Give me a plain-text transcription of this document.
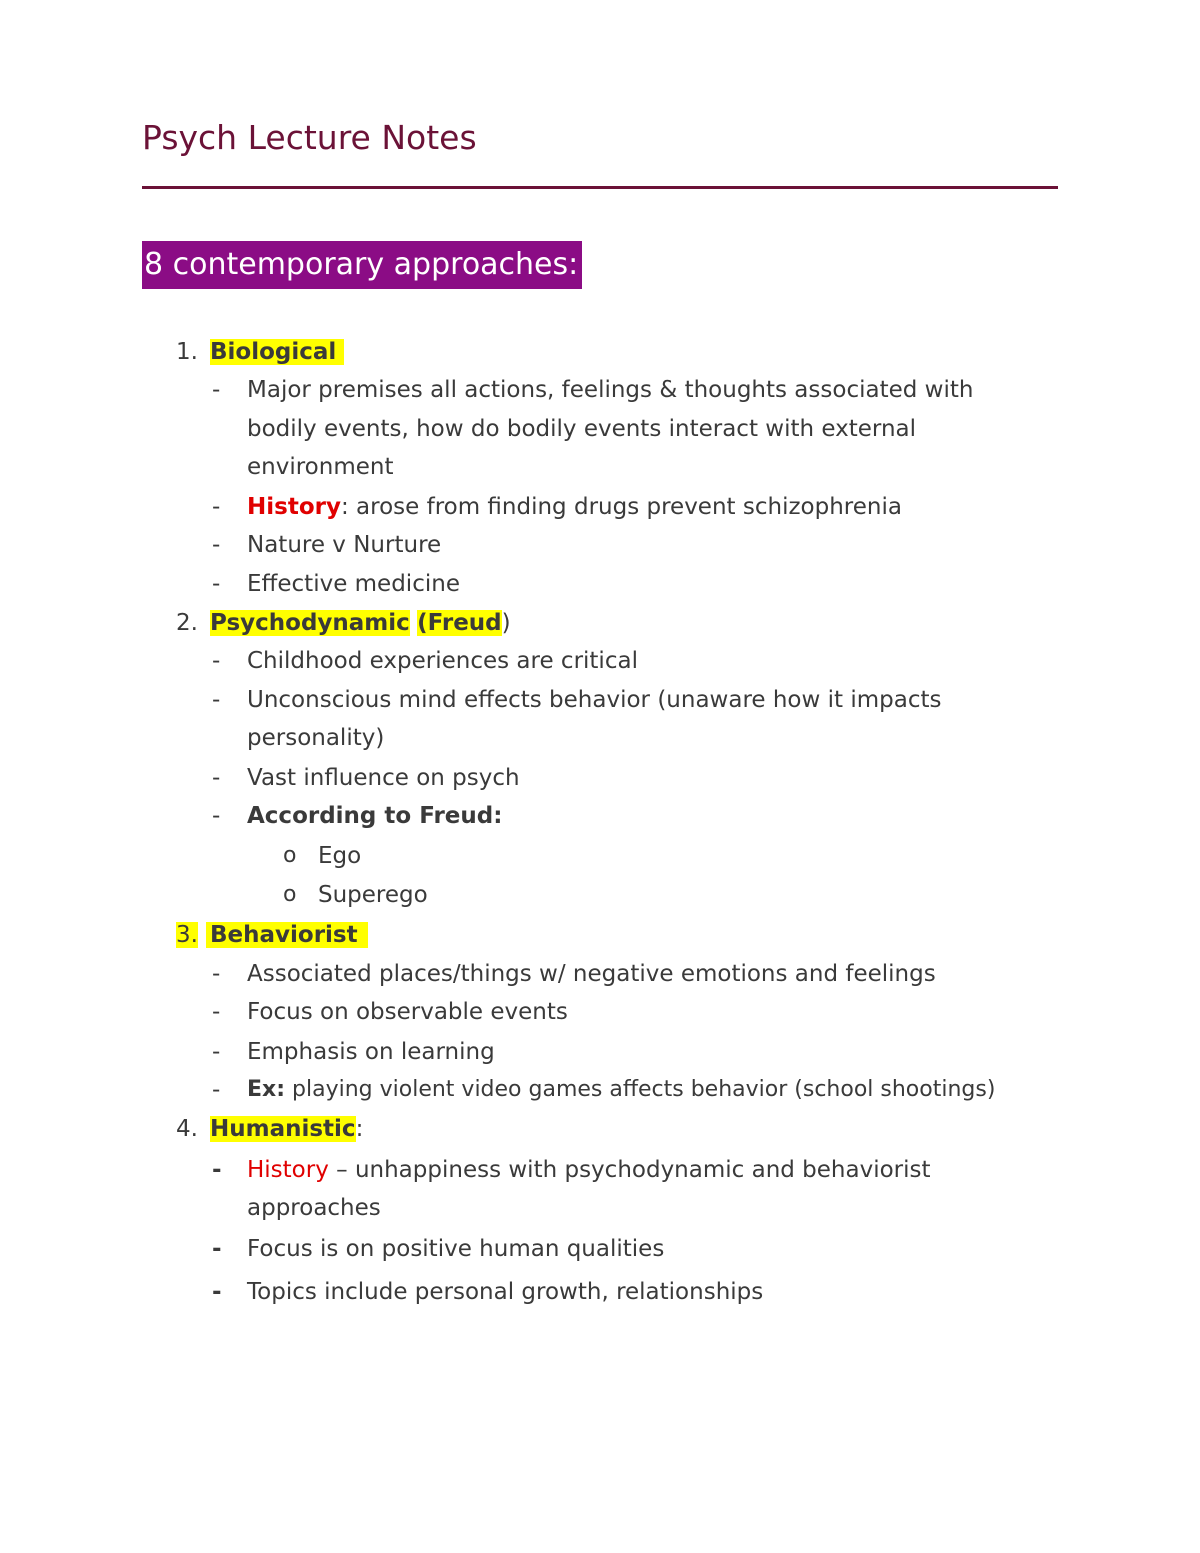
Psych Lecture Notes
8 contemporary approaches:
1. Biological
- Major premises all actions, feelings & thoughts associated with
bodily events, how do bodily events interact with external
environment
- History: arose from finding drugs prevent schizophrenia
- Nature v Nurture
- Effective medicine
2. Psychodynamic (Freud)
- Childhood experiences are critical
- Unconscious mind effects behavior (unaware how it impacts
personality)
- Vast influence on psych
- According to Freud:
o Ego
o Superego
3. Behaviorist
- Associated places/things w/ negative emotions and feelings
- Focus on observable events
- Emphasis on learning
- Ex: playing violent video games affects behavior (school shootings)
4. Humanistic:
- History – unhappiness with psychodynamic and behaviorist
approaches
- Focus is on positive human qualities
- Topics include personal growth, relationships
